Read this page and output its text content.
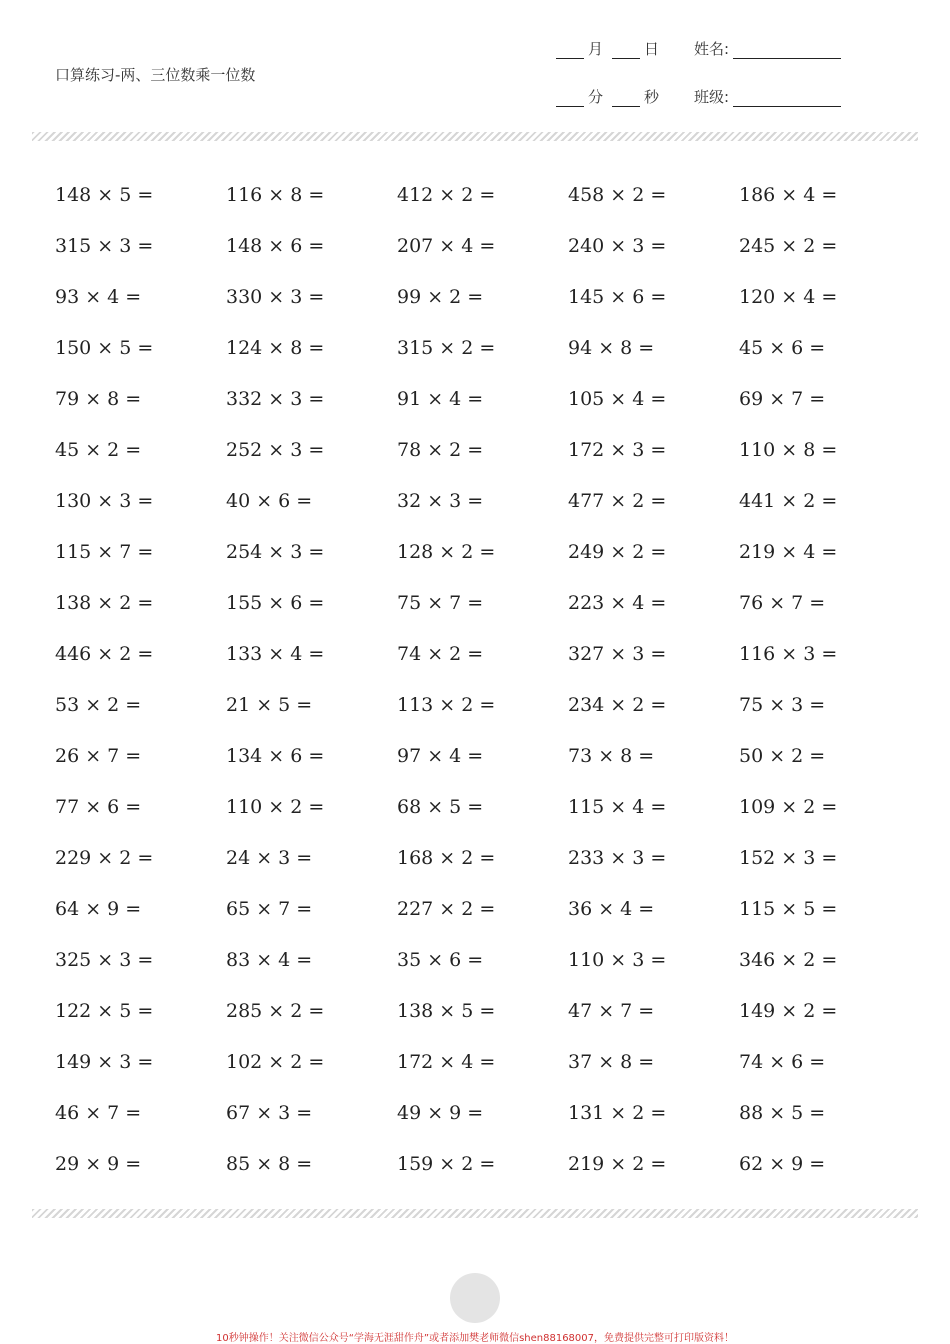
口算练习-两、三位数乘一位数
月	日 姓名:
分	秒 班级:
148 × 5 =	116 × 8 =	412 × 2 =	458 × 2 =	186 × 4 =
315 × 3 =	148 × 6 =	207 × 4 =	240 × 3 =	245 × 2 =
93 × 4 =	330 × 3 =	99 × 2 =	145 × 6 =	120 × 4 =
150 × 5 =	124 × 8 =	315 × 2 =	94 × 8 =	45 × 6 =
79 × 8 =	332 × 3 =	91 × 4 =	105 × 4 =	69 × 7 =
45 × 2 =	252 × 3 =	78 × 2 =	172 × 3 =	110 × 8 =
130 × 3 =	40 × 6 =	32 × 3 =	477 × 2 =	441 × 2 =
115 × 7 =	254 × 3 =	128 × 2 =	249 × 2 =	219 × 4 =
138 × 2 =	155 × 6 =	75 × 7 =	223 × 4 =	76 × 7 =
446 × 2 =	133 × 4 =	74 × 2 =	327 × 3 =	116 × 3 =
53 × 2 =	21 × 5 =	113 × 2 =	234 × 2 =	75 × 3 =
26 × 7 =	134 × 6 =	97 × 4 =	73 × 8 =	50 × 2 =
77 × 6 =	110 × 2 =	68 × 5 =	115 × 4 =	109 × 2 =
229 × 2 =	24 × 3 =	168 × 2 =	233 × 3 =	152 × 3 =
64 × 9 =	65 × 7 =	227 × 2 =	36 × 4 =	115 × 5 =
325 × 3 =	83 × 4 =	35 × 6 =	110 × 3 =	346 × 2 =
122 × 5 =	285 × 2 =	138 × 5 =	47 × 7 =	149 × 2 =
149 × 3 =	102 × 2 =	172 × 4 =	37 × 8 =	74 × 6 =
46 × 7 =	67 × 3 =	49 × 9 =	131 × 2 =	88 × 5 =
29 × 9 =	85 × 8 =	159 × 2 =	219 × 2 =	62 × 9 =
10秒钟操作！关注微信公众号“学海无涯甜作舟”或者添加樊老师微信shen88168007，免费提供完整可打印版资料！
